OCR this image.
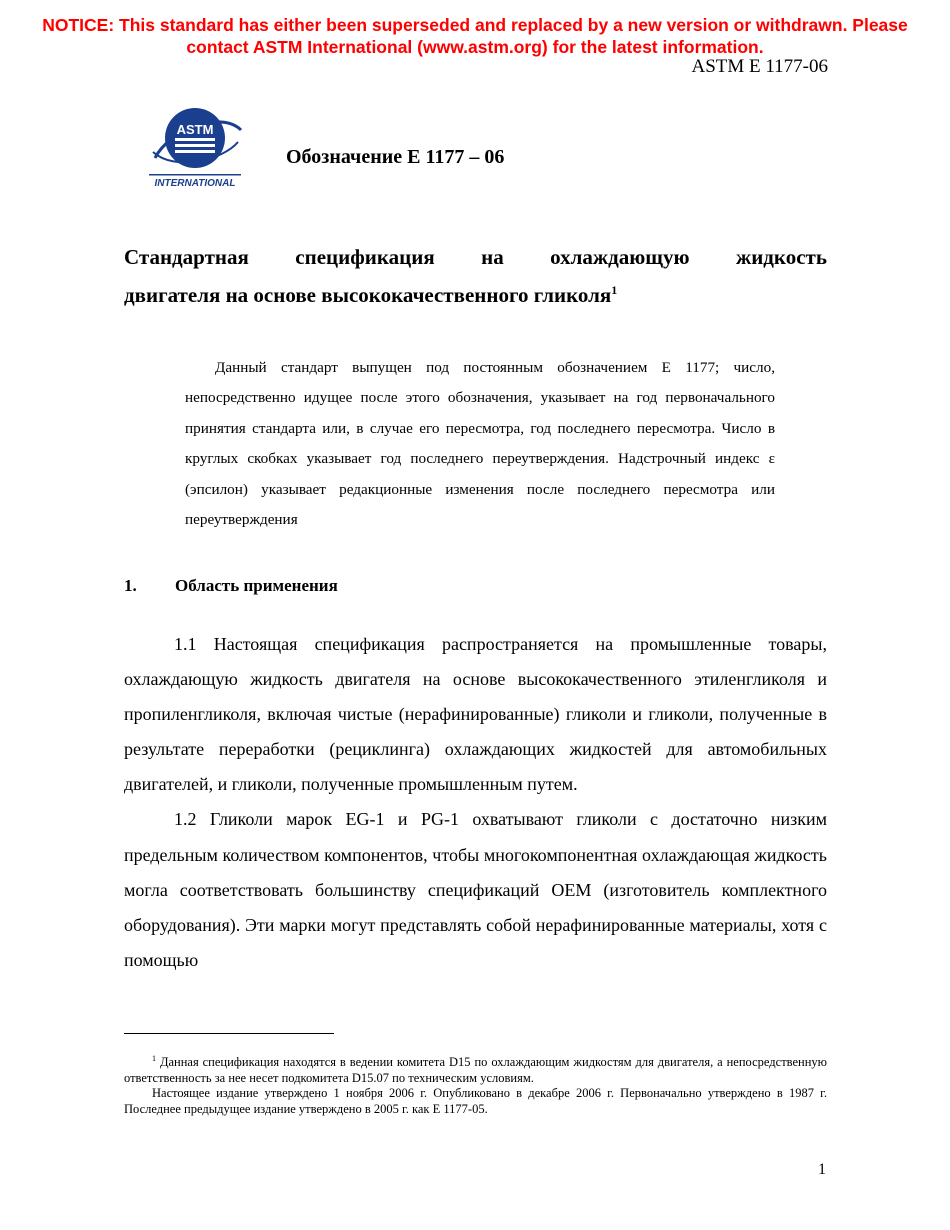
NOTICE: This standard has either been superseded and replaced by a new version or withdrawn. Please
contact ASTM International (www.astm.org) for the latest information.
ASTM E 1177-06
ASTM
INTERNATIONAL
Обозначение Е 1177 – 06
Стандартная спецификация на охлаждающую жидкость
двигателя на основе высококачественного гликоля$^1$
Данный стандарт выпущен под постоянным обозначением Е 1177; число, непосредственно идущее после этого обозначения, указывает на год первоначального принятия стандарта или, в случае его пересмотра, год последнего пересмотра. Число в круглых скобках указывает год последнего переутверждения. Надстрочный индекс ε (эпсилон) указывает редакционные изменения после последнего пересмотра или переутверждения
1. Область применения

1.1 Настоящая спецификация распространяется на промышленные товары, охлаждающую жидкость двигателя на основе высококачественного этиленгликоля и пропиленгликоля, включая чистые (нерафинированные) гликоли и гликоли, полученные в результате переработки (рециклинга) охлаждающих жидкостей для автомобильных двигателей, и гликоли, полученные промышленным путем.

1.2 Гликоли марок EG-1 и PG-1 охватывают гликоли с достаточно низким предельным количеством компонентов, чтобы многокомпонентная охлаждающая жидкость могла соответствовать большинству спецификаций OEM (изготовитель комплектного оборудования). Эти марки могут представлять собой нерафинированные материалы, хотя с помощью

$^1$ Данная спецификация находятся в ведении комитета D15 по охлаждающим жидкостям для двигателя, а непосредственную ответственность за нее несет подкомитета D15.07 по техническим условиям.

Настоящее издание утверждено 1 ноября 2006 г. Опубликовано в декабре 2006 г. Первоначально утверждено в 1987 г. Последнее предыдущее издание утверждено в 2005 г. как Е 1177-05.

1
